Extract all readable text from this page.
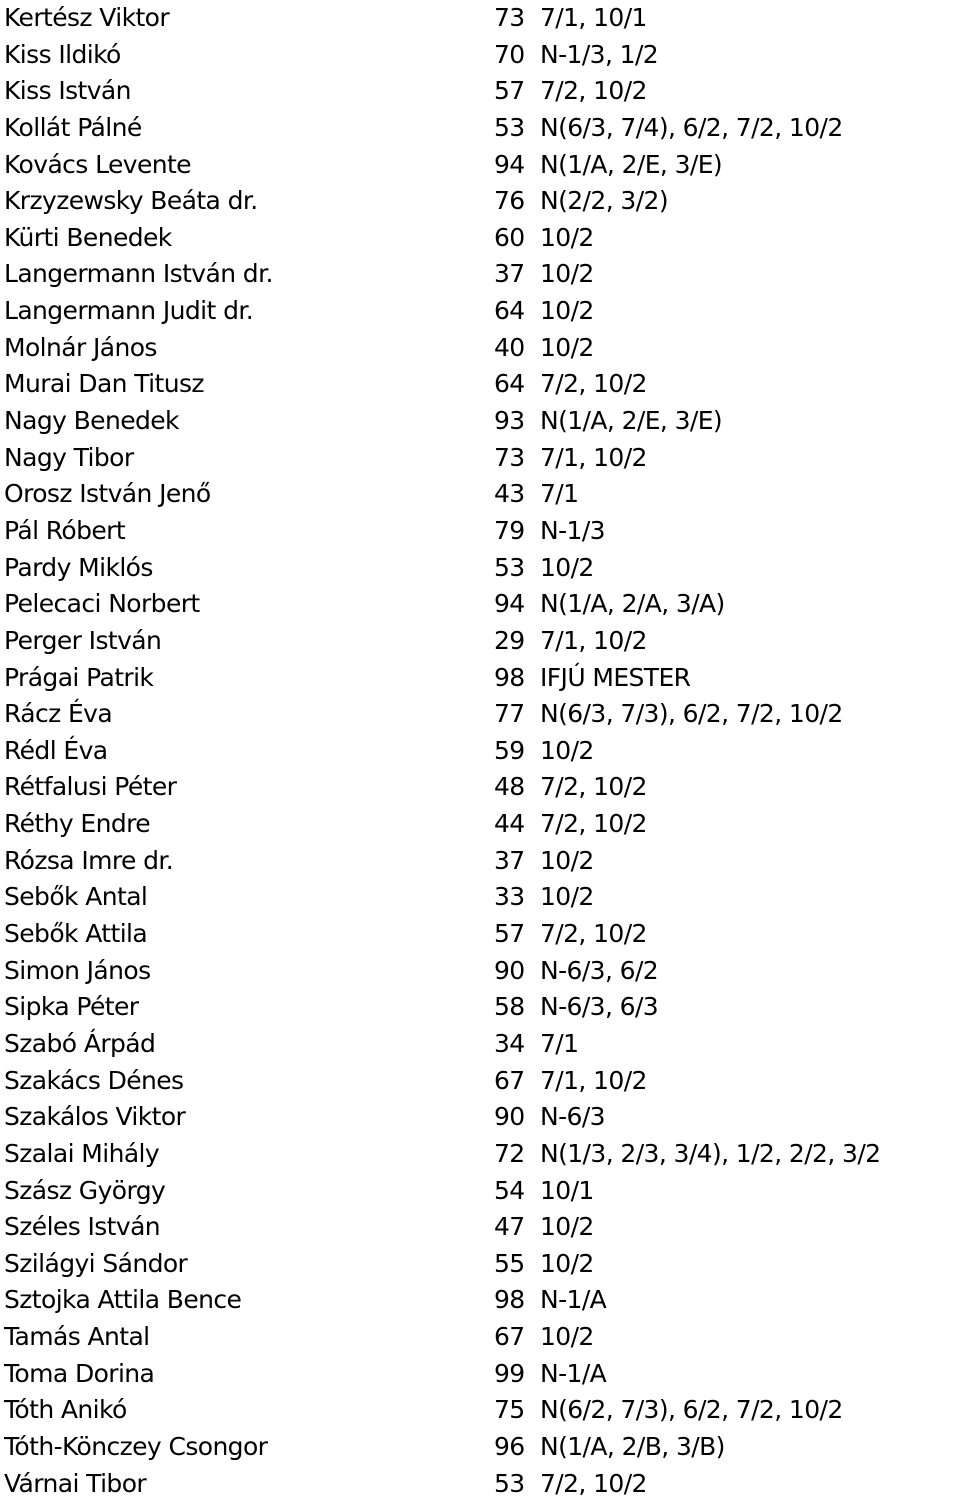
Kertész Viktor	73 7/1, 10/1
Kiss Ildikó	70 N-1/3, 1/2
Kiss István	57 7/2, 10/2
Kollát Pálné	53 N(6/3, 7/4), 6/2, 7/2, 10/2
Kovács Levente	94 N(1/A, 2/E, 3/E)
Krzyzewsky Beáta dr.	76 N(2/2, 3/2)
Kürti Benedek	60 10/2
Langermann István dr.	37 10/2
Langermann Judit dr.	64 10/2
Molnár János	40 10/2
Murai Dan Titusz	64 7/2, 10/2
Nagy Benedek	93 N(1/A, 2/E, 3/E)
Nagy Tibor	73 7/1, 10/2
Orosz István Jenő	43 7/1
Pál Róbert	79 N-1/3
Pardy Miklós	53 10/2
Pelecaci Norbert	94 N(1/A, 2/A, 3/A)
Perger István	29 7/1, 10/2
Prágai Patrik	98 IFJÚ MESTER
Rácz Éva	77 N(6/3, 7/3), 6/2, 7/2, 10/2
Rédl Éva	59 10/2
Rétfalusi Péter	48 7/2, 10/2
Réthy Endre	44 7/2, 10/2
Rózsa Imre dr.	37 10/2
Sebők Antal	33 10/2
Sebők Attila	57 7/2, 10/2
Simon János	90 N-6/3, 6/2
Sipka Péter	58 N-6/3, 6/3
Szabó Árpád	34 7/1
Szakács Dénes	67 7/1, 10/2
Szakálos Viktor	90 N-6/3
Szalai Mihály	72 N(1/3, 2/3, 3/4), 1/2, 2/2, 3/2
Szász György	54 10/1
Széles István	47 10/2
Szilágyi Sándor	55 10/2
Sztojka Attila Bence	98 N-1/A
Tamás Antal	67 10/2
Toma Dorina	99 N-1/A
Tóth Anikó	75 N(6/2, 7/3), 6/2, 7/2, 10/2
Tóth-Könczey Csongor	96 N(1/A, 2/B, 3/B)
Várnai Tibor	53 7/2, 10/2
